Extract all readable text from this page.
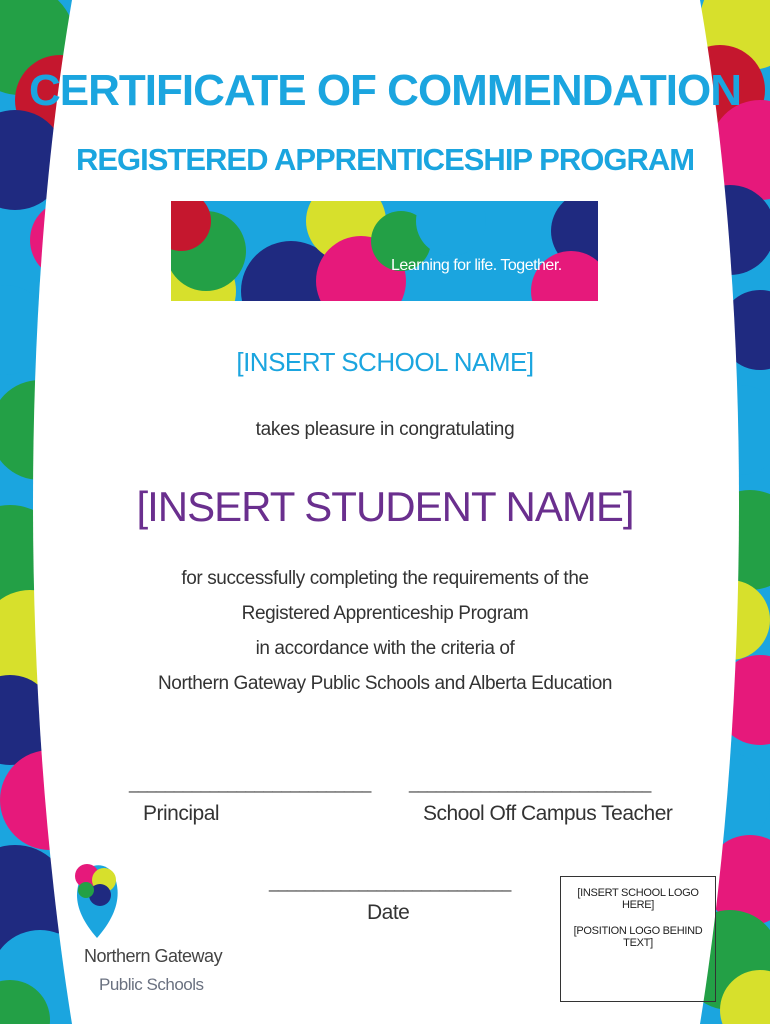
CERTIFICATE OF COMMENDATION
REGISTERED APPRENTICESHIP PROGRAM
Learning for life. Together.
[INSERT SCHOOL NAME]
takes pleasure in congratulating
[INSERT STUDENT NAME]
for successfully completing the requirements of the
Registered Apprenticeship Program
in accordance with the criteria of
Northern Gateway Public Schools and Alberta Education
___________________________
Principal
___________________________
School Off Campus Teacher
___________________________
Date
Northern Gateway
Public Schools
[INSERT SCHOOL LOGO HERE]
[POSITION LOGO BEHIND TEXT]
